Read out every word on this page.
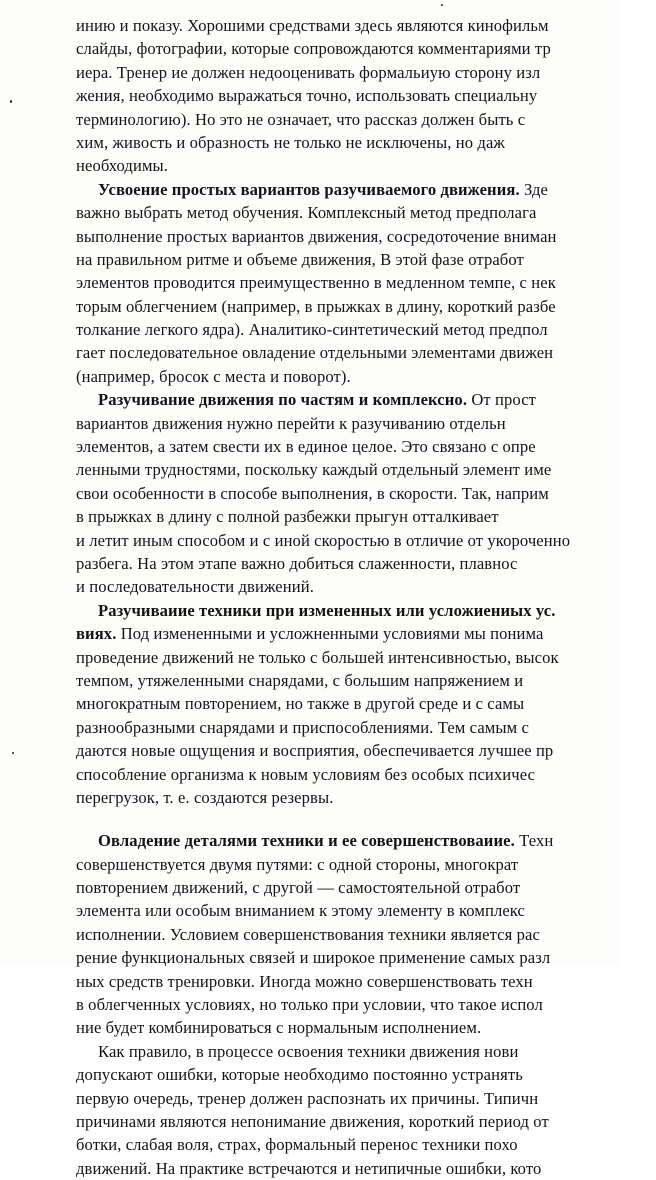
инию и показу. Хорошими средствами здесь являются кинофильм
слайды, фотографии, которые сопровождаются комментариями тр
иера. Тренер ие должен недооценивать формальиую сторону изл
жения, необходимо выражаться точно, использовать специальну
терминологию). Но это не означает, что рассказ должен быть с
хим, живость и образность не только не исключены, но даж
необходимы.
Усвоение простых вариантов разучиваемого движения. Зде
важно выбрать метод обучения. Комплексный метод предполага
выполнение простых вариантов движения, сосредоточение вниман
на правильном ритме и объеме движения, В этой фазе отработ
элементов проводится преимущественно в медленном темпе, с нек
торым облегчением (например, в прыжках в длину, короткий разбе
толкание легкого ядра). Аналитико-синтетический метод предпол
гает последовательное овладение отдельными элементами движен
(например, бросок с места и поворот).
Разучивание движения по частям и комплексно. От прост
вариантов движения нужно перейти к разучиванию отдельн
элементов, а затем свести их в единое целое. Это связано с опре
ленными трудностями, поскольку каждый отдельный элемент име
свои особенности в способе выполнения, в скорости. Так, наприм
в прыжках в длину с полной разбежки прыгун отталкивает
и летит иным способом и с иной скоростью в отличие от укороченно
разбега. На этом этапе важно добиться слаженности, плавнос
и последовательности движений.
Разучиваиие техники при измененных или усложиениых ус.
виях. Под измененными и усложненными условиями мы понима
проведение движений не только с большей интенсивностью, высок
темпом, утяжеленными снарядами, с большим напряжением и
многократным повторением, но также в другой среде и с самы
разнообразными снарядами и приспособлениями. Тем самым с
даются новые ощущения и восприятия, обеспечивается лучшее пр
способление организма к новым условиям без особых психичес
перегрузок, т. е. создаются резервы.
Овладение деталями техники и ее совершенствоваиие. Техн
совершенствуется двумя путями: с одной стороны, многократ
повторением движений, с другой — самостоятельной отработ
элемента или особым вниманием к этому элементу в комплекс
исполнении. Условием совершенствования техники является рас
рение функциональных связей и широкое применение самых разл
ных средств тренировки. Иногда можно совершенствовать техн
в облегченных условиях, но только при условии, что такое испол
ние будет комбинироваться с нормальным исполнением.
Как правило, в процессе освоения техники движения нови
допускают ошибки, которые необходимо постоянно устранять
первую очередь, тренер должен распознать их причины. Типичн
причинами являются непонимание движения, короткий период от
ботки, слабая воля, страх, формальный перенос техники похо
движений. На практике встречаются и нетипичные ошибки, кото
